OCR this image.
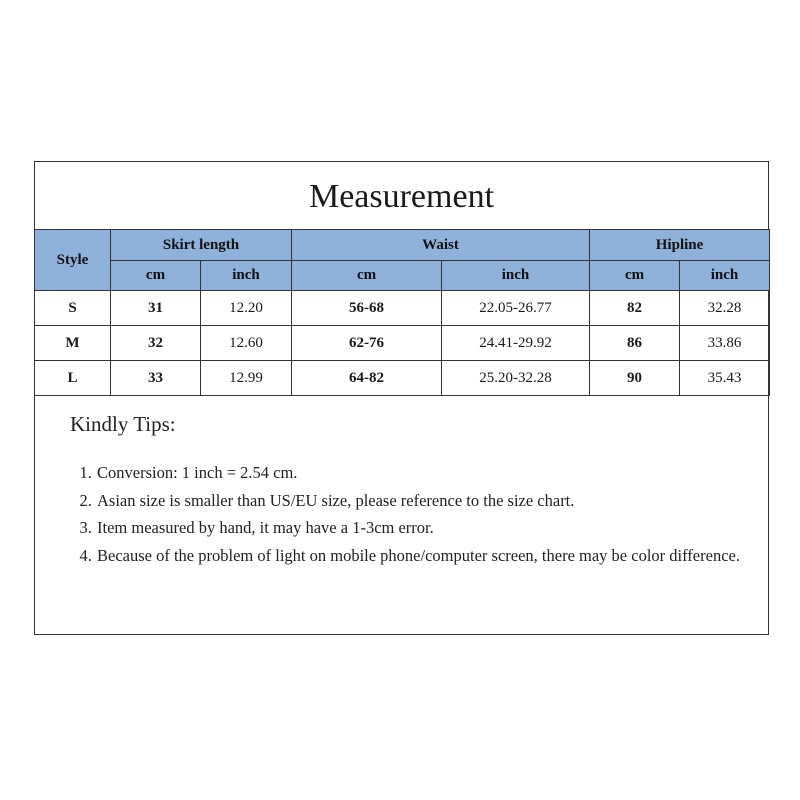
Measurement
Style	Skirt length		Waist		Hipline	
	cm	inch	cm	inch	cm	inch
S	31	12.20	56-68	22.05-26.77	82	32.28
M	32	12.60	62-76	24.41-29.92	86	33.86
L	33	12.99	64-82	25.20-32.28	90	35.43
Kindly Tips:
1. Conversion: 1 inch = 2.54 cm.
2. Asian size is smaller than US/EU size, please reference to the size chart.
3. Item measured by hand, it may have a 1-3cm error.
4. Because of the problem of light on mobile phone/computer screen, there may be color difference.
